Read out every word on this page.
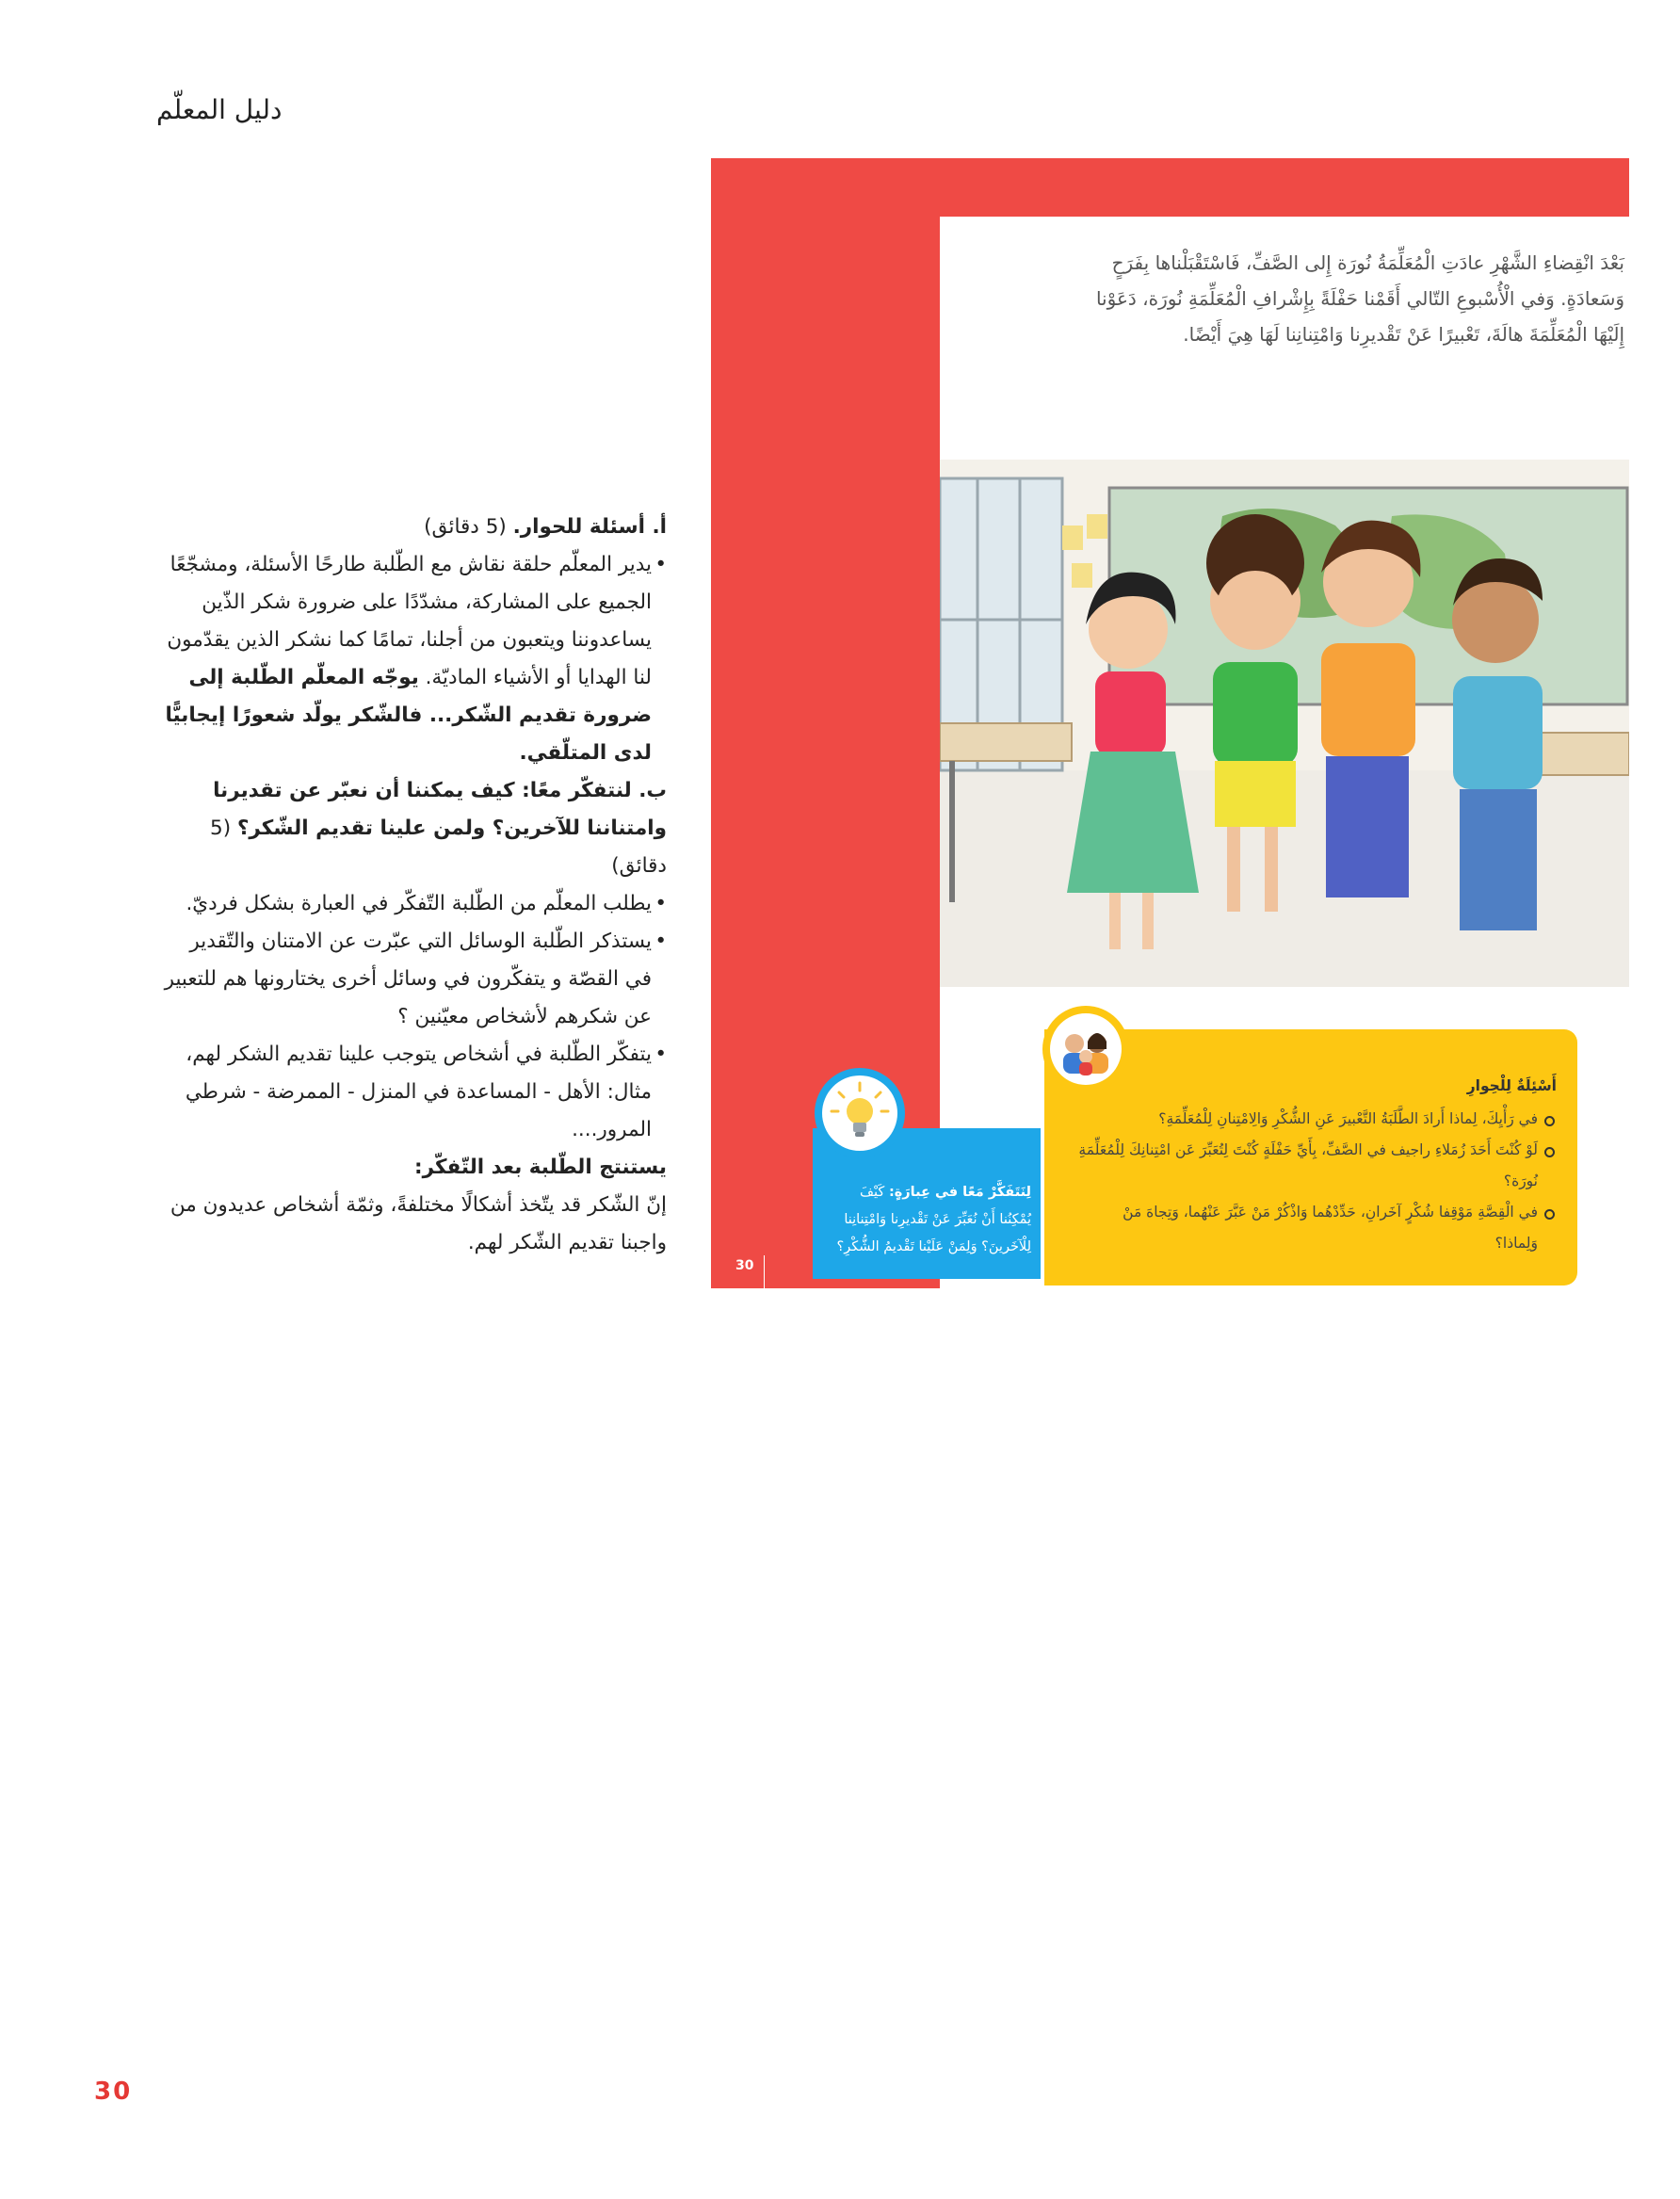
دليل المعلّم

أ. أسئلة للحوار. (5 دقائق)

• يدير المعلّم حلقة نقاش مع الطّلبة طارحًا الأسئلة، ومشجّعًا الجميع على المشاركة، مشدّدًا على ضرورة شكر الذّين يساعدوننا ويتعبون من أجلنا، تمامًا كما نشكر الذين يقدّمون لنا الهدايا أو الأشياء الماديّة. يوجّه المعلّم الطّلبة إلى ضرورة تقديم الشّكر... فالشّكر يولّد شعورًا إيجابيًّا لدى المتلّقي.

ب. لنتفكّر معًا: كيف يمكننا أن نعبّر عن تقديرنا وامتناننا للآخرين؟ ولمن علينا تقديم الشّكر؟ (5 دقائق)

• يطلب المعلّم من الطّلبة التّفكّر في العبارة بشكل فرديّ.
• يستذكر الطّلبة الوسائل التي عبّرت عن الامتنان والتّقدير في القصّة و يتفكّرون في وسائل أخرى يختارونها هم للتعبير عن شكرهم لأشخاص معيّنين ؟
• يتفكّر الطّلبة في أشخاص يتوجب علينا تقديم الشكر لهم، مثال: الأهل - المساعدة في المنزل - الممرضة - شرطي المرور....

يستنتج الطّلبة بعد التّفكّر:

إنّ الشّكر قد يتّخذ أشكالًا مختلفةً، وثمّة أشخاص عديدون من واجبنا تقديم الشّكر لهم.

بَعْدَ انْقِضاءِ الشَّهْرِ عادَتِ الْمُعَلِّمَةُ نُورَة إِلى الصَّفِّ، فَاسْتَقْبَلْناها بِفَرَحٍ

وَسَعادَةٍ. وَفي الْأُسْبوعِ التّالي أَقَمْنا حَفْلَةً بِإِشْرافِ الْمُعَلِّمَةِ نُورَة، دَعَوْنا

إِلَيْهَا الْمُعَلِّمَةَ هالَةَ، تَعْبيرًا عَنْ تَقْديرِنا وَامْتِنانِنا لَهَا هِيَ أَيْضًا.

أَسْئِلَةٌ لِلْحِوارِ
في رَأْيِكَ، لِماذا أَرادَ الطَّلَبَةُ التَّعْبيرَ عَنِ الشُّكْرِ وَالِامْتِنانِ لِلْمُعَلِّمَةِ؟
لَوْ كُنْتَ أَحَدَ زُمَلاءِ راجيف في الصَّفِّ، بِأَيِّ حَفْلَةٍ كُنْتَ لِتُعَبِّرَ عَن امْتِنانِكَ لِلْمُعَلِّمَةِ نُورَة؟
في الْقِصَّةِ مَوْقِفا شُكْرٍ آخَرانِ، حَدِّدْهُما وَاذْكُرْ مَنْ عَبَّرَ عَنْهُما، وَتِجاهَ مَنْ وَلِماذا؟
لِنَتَفَكَّرْ مَعًا في عِبارَةٍ: كَيْفَ يُمْكِنُنا أَنْ نُعَبِّرَ عَنْ تَقْديرِنا وَامْتِنانِنا لِلْآخَرينَ؟ وَلِمَنْ عَلَيْنا تَقْديمُ الشُّكْرِ؟
30
30
